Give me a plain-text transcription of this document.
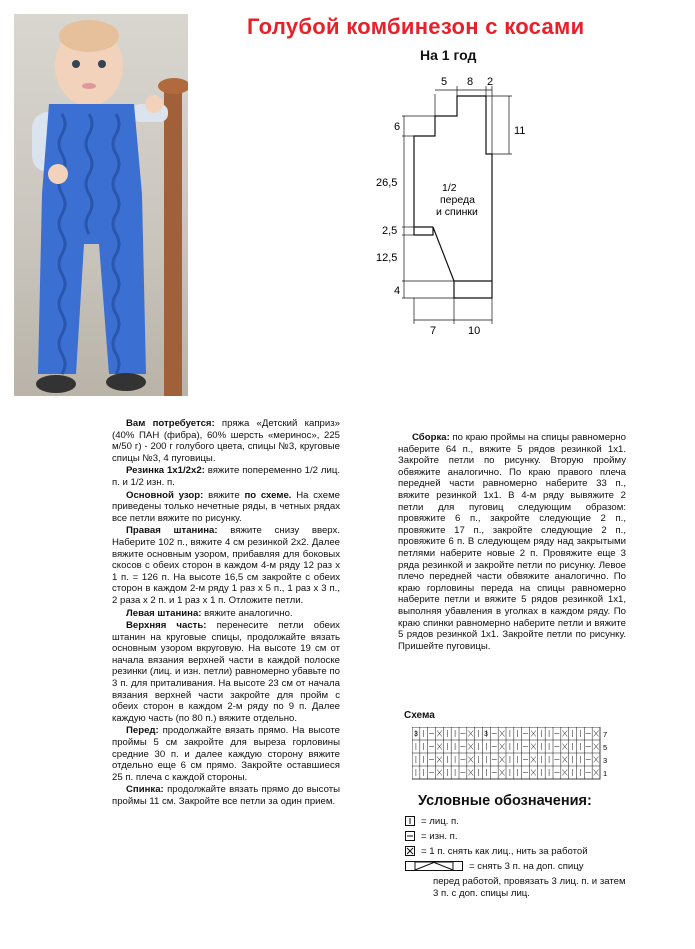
Голубой комбинезон с косами
На 1 год
5 8 2
6
26,5
2,5
12,5
4
11
7	10
1/2
переда
и спинки

Вам потребуется: пряжа «Детский каприз» (40% ПАН (фибра), 60% шерсть «меринос», 225 м/50 г) - 200 г голубого цвета, спицы №3, круговые спицы №3, 4 пуговицы.

Резинка 1х1/2х2: вяжите попеременно 1/2 лиц. п. и 1/2 изн. п.

Основной узор: вяжите по схеме. На схеме приведены только нечетные ряды, в четных рядах все петли вяжите по рисунку.

Правая штанина: вяжите снизу вверх. Наберите 102 п., вяжите 4 см резинкой 2х2. Далее вяжите основным узором, прибавляя для боковых скосов с обеих сторон в каждом 4-м ряду 12 раз х 1 п. = 126 п. На высоте 16,5 см закройте с обеих сторон в каждом 2-м ряду 1 раз х 5 п., 1 раз х 3 п., 2 раза х 2 п. и 1 раз х 1 п. Отложите петли.

Левая штанина: вяжите аналогично.

Верхняя часть: перенесите петли обеих штанин на круговые спицы, продолжайте вязать основным узором вкруговую. На высоте 19 см от начала вязания верхней части в каждой полоске резинки (лиц. и изн. петли) равномерно убавьте по 3 п. для приталивания. На высоте 23 см от начала вязания верхней части закройте для пройм с обеих сторон в каждом 2-м ряду по 9 п. Далее каждую часть (по 80 п.) вяжите отдельно.

Перед: продолжайте вязать прямо. На высоте проймы 5 см закройте для выреза горловины средние 30 п. и далее каждую сторону вяжите отдельно еще 6 см прямо. Закройте оставшиеся 25 п. плеча с каждой стороны.

Спинка: продолжайте вязать прямо до высоты проймы 11 см. Закройте все петли за один прием.

Сборка: по краю проймы на спицы равномерно наберите 64 п., вяжите 5 рядов резинкой 1х1. Закройте петли по рисунку. Вторую пройму обвяжите аналогично. По краю правого плеча передней части равномерно наберите 33 п., вяжите резинкой 1х1. В 4-м ряду вывяжите 2 петли для пуговиц следующим образом: провяжите 6 п., закройте следующие 2 п., провяжите 17 п., закройте следующие 2 п., провяжите 6 п. В следующем ряду над закрытыми петлями наберите новые 2 п. Провяжите еще 3 ряда резинкой и закройте петли по рисунку. Левое плечо передней части обвяжите аналогично. По краю горловины переда на спицы равномерно наберите петли и вяжите 5 рядов резинкой 1х1, выполняя убавления в уголках в каждом ряду. По краю спинки равномерно наберите петли и вяжите 5 рядов резинкой 1х1. Закройте петли по рисунку. Пришейте пуговицы.

Схема
7
5
3
1
3	3
Условные обозначения:
= лиц. п.
= изн. п.
= 1 п. снять как лиц., нить за работой
= снять 3 п. на доп. спицу
перед работой, провязать 3 лиц. п. и затем 3 п. с доп. спицы лиц.
